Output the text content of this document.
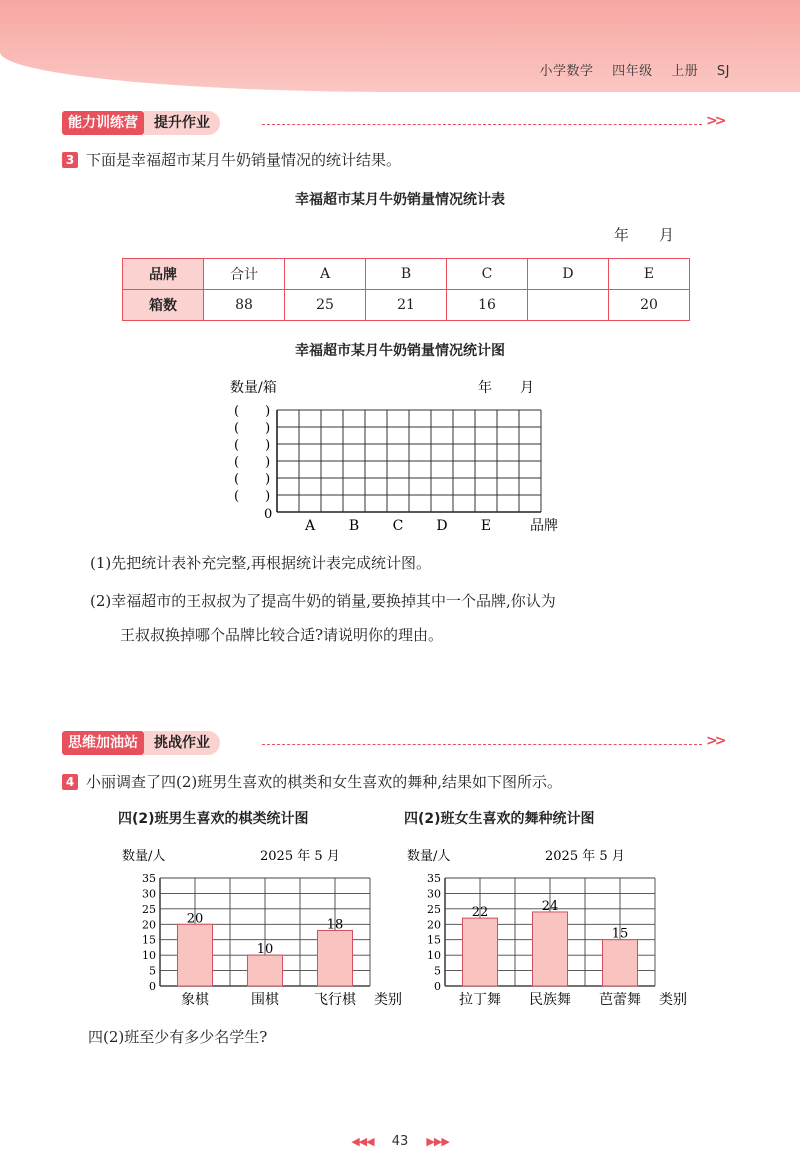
小学数学 四年级 上册 SJ
能力训练营	提升作业	>>
3 下面是幸福超市某月牛奶销量情况的统计结果。
幸福超市某月牛奶销量情况统计表
年　　月
品牌	合计	A	B	C	D	E
箱数	88	25	21	16		20
幸福超市某月牛奶销量情况统计图
数量/箱	年　　月
(　　)
(　　)
(　　)
(　　)
(　　)
(　　)
0
A B C D E	品牌
(1)先把统计表补充完整,再根据统计表完成统计图。
(2)幸福超市的王叔叔为了提高牛奶的销量,要换掉其中一个品牌,你认为
王叔叔换掉哪个品牌比较合适?请说明你的理由。
思维加油站	挑战作业	>>
4 小丽调查了四(2)班男生喜欢的棋类和女生喜欢的舞种,结果如下图所示。
四(2)班男生喜欢的棋类统计图	四(2)班女生喜欢的舞种统计图
数量/人	2025 年 5 月
0
5
10
15
20
25
30
35
20
象棋
10
围棋
18
飞行棋 类别
数量/人	2025 年 5 月
0
5
10
15
20
25
30
35
22
拉丁舞
24
民族舞
15
芭蕾舞 类别
四(2)班至少有多少名学生?
◀◀◀ 43 ▶▶▶
